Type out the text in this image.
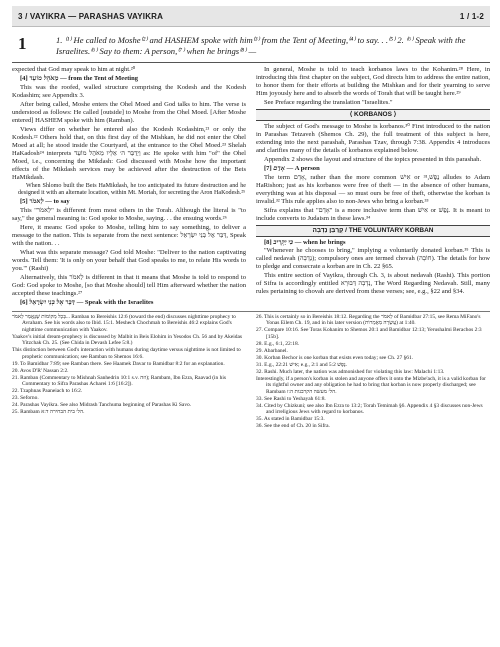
3 / VAYIKRA — PARASHAS VAYIKRA	1 / 1-2
1	1. ⁽¹⁾ He called to Moshe⁽²⁾ and HASHEM spoke with him⁽³⁾ from the Tent of Meeting,⁽⁴⁾ to say. . .⁽⁵⁾ 2. ⁽⁶⁾ Speak with the Israelites.⁽⁶⁾ Say to them: A person,⁽⁷⁾ when he brings⁽⁸⁾ —

expected that God may speak to him at night.²⁰

[4] מֵאֹהֶל מוֹעֵד — from the Tent of Meeting

This was the roofed, walled structure comprising the Kodesh and the Kodesh Kodashim; see Appendix 3.

After being called, Moshe enters the Ohel Moed and God talks to him. The verse is understood as follows: He called [outside] to Moshe from the Ohel Moed. [After Moshe entered] HASHEM spoke with him (Ramban).

Views differ on whether he entered also the Kodesh Kodashim,²¹ or only the Kodesh.²² Others hold that, on this first day of the Mishkan, he did not enter the Ohel Moed at all; he stood inside the Courtyard, at the entrance to the Ohel Moed.²³ Shelah HaKadosh²⁴ interprets וַיְדַבֵּר ה׳ אֵלָיו מֵאֹהֶל מוֹעֵד as: He spoke with him "of" the Ohel Moed, i.e., concerning the Mikdash: God discussed with Moshe how the important effects of the Mikdash services may be achieved after the destruction of the Beis HaMikdash.

When Shlomo built the Beis HaMikdash, he too anticipated its future destruction and he designed it with an alternate location, within Mt. Moriah, for secreting the Aron HaKodesh.²⁵

[5] לֵאמֹר — to say

This "לֵאמֹר" is different from most others in the Torah. Although the literal is "to say," the general meaning is: God spoke to Moshe, saying. . . the ensuing words.²⁶

Here, it means: God spoke to Moshe, telling him to say something, to deliver a message to the nation. This is separate from the next sentence: דַּבֵּר אֶל בְּנֵי יִשְׂרָאֵל, Speak with the nation. . .

What was this separate message? God told Moshe: "Deliver to the nation captivating words. Tell them: 'It is only on your behalf that God speaks to me, to relate His words to you.'" (Rashi)

Alternatively, this לֵאמֹר is different in that it means that Moshe is told to respond to God: God spoke to Moshe, [so that Moshe should] tell Him afterward whether the nation accepted these teachings.²⁷

[6] דַּבֵּר אֶל בְּנֵי יִשְׂרָאֵל — Speak with the Israelites

In general, Moshe is told to teach korbanos laws to the Kohanim.²⁸ Here, in introducing this first chapter on the subject, God directs him to address the entire nation, to honor them for their efforts at building the Mishkan and for their yearning to serve Him joyously here and to absorb the words of Torah that will be taught here.²⁹

See Preface regarding the translation "Israelites."

⟨ KORBANOS ⟩

The subject of God's message to Moshe is korbanos.³⁰ First introduced to the nation in Parashas Tetzaveh (Shemos Ch. 29), the full treatment of this subject is here, extending into the next parashah, Parashas Tzav, through 7:38. Appendix 4 introduces and clarifies many of the details of korbanos explained below.

Appendix 2 shows the layout and structure of the topics presented in this parashah.

[7] אָדָם — A person

The term אָדָם, rather than the more common אִישׁ or נֶפֶשׁ,³¹ alludes to Adam HaRishon; just as his korbanos were free of theft — in the absence of other humans, everything was at his disposal — so must ours be free of theft, otherwise the korban is invalid.³² This rule applies also to non-Jews who bring a korban.³³

Sifra explains that "אָדָם" is a more inclusive term than אִישׁ or נֶפֶשׁ. It is meant to include converts to Judaism in these laws.³⁴

קָרְבַּן נְדָבָה / THE VOLUNTARY KORBAN

[8] כִּי יַקְרִיב — when he brings

"Whenever he chooses to bring," implying a voluntarily donated korban.³⁵ This is called nedavah (נְדָבָה); compulsory ones are termed chovah (חוֹבָה). The details for how to pledge and consecrate a korban are in Ch. 22 §65.

This entire section of Vayikra, through Ch. 3, is about nedavah (Rashi). This portion of Sifra is accordingly entitled נְדָבָה דְּבוּרָא, The Word Regarding Nedavah. Still, many rules pertaining to chovah are derived from these verses; see, e.g., §22 and §34.

בְּכָל מְקוֹמוֹת שֶׁנֶּאֱמַר לֵאמֹר... Ramban to Bereishis 12:6 (toward the end) discusses nighttime prophecy to Avraham. See his words also to Ibid. 15:1. Meshech Chochmah to Bereishis 46:2 explains God's nighttime communication with Yaakov.
Yaakov's initial dream-prophecy is discussed by Malbit in Beis Elohim in Yesodos Ch. 56 and by Akeidas Yitzchak Ch. 25. (See Chida in Devash Lefee 5:8.)
This distinction between God's interaction with humans during daytime versus nighttime is not limited to prophetic communication; see Ramban to Shemos 16:6.
19. To Bamidbar 7:89; see Ramban there. See Haamek Davar to Bamidbar 8:2 for an explanation.
20. Avos D'R' Nassan 2:2.
21. Ramban (Commentary to Mishnah Sanhedrin 10:1 s.v. וזה); Rambam, Ibn Ezra, Raavad (in his Commentary to Sifra Parashas Acharei 1:6 [16:2]).
22. Tzaphnas Paaneiach to 16:2.
23. Seforno.
24. Parashas Vayikra. See also Midrash Tanchuma beginning of Parashas Ki Savo.
25. Rambam הל׳ בית הבחירה ד:א.
26. This is certainly so in Bereishis 18:12. Regarding the לֵאמֹר of Bamidbar 27:15, see Rema MiFano's Yonas Eilem Ch. 19, and in his later version (עֲשָׂרָה מַאֲמָרוֹת) at 1:40.
27. Compare 10:16. See Toras Kohanim to Shemos 20:1 and Bamidbar 12:13; Yerushalmi Berachos 2:3 [15b].
28. E.g., 6:1, 22:18.
29. Abarbanel.
30. Korban Bechor is one korban that exists even today; see Ch. 27 §61.
31. E.g., 22:21 אִישׁ; e.g., 2:1 and 5:2 נֶפֶשׁ.
32. Rashi. Much later, the nation was admonished for violating this law: Malachi 1:13.
Interestingly, if a person's korban is stolen and anyone offers it onto the Mizbe'ach, it is a valid korban for its rightful owner and any obligation he had to bring that korban is now properly discharged; see Rambam הל׳ מעשה הקרבנות ה:ז.
33. See Rashi to Yeshayah 61:8.
34. Cited by Chizkuni; see also Ibn Ezra to 13:2; Torah Temimah §6. Appendix 4 §3 discusses non-Jews and irreligious Jews with regard to korbanos.
35. As stated in Bamidbar 15:3.
36. See the end of Ch. 20 in Sifra.
